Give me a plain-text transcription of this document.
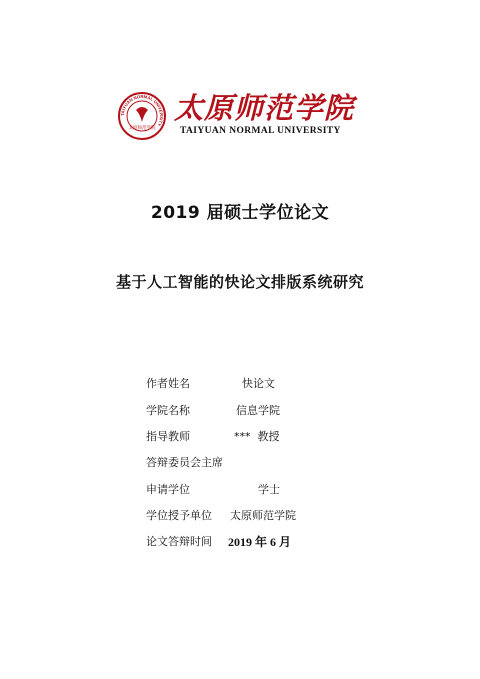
TAIYUAN NORMAL UNIVERSITY
太原师范学院
太原师范学院
TAIYUAN NORMAL UNIVERSITY
2019 届硕士学位论文
基于人工智能的快论文排版系统研究
作者姓名	快论文
学院名称	信息学院
指导教师	***  教授
答辩委员会主席
申请学位	学士
学位授予单位 太原师范学院
论文答辩时间 2019 年 6 月
